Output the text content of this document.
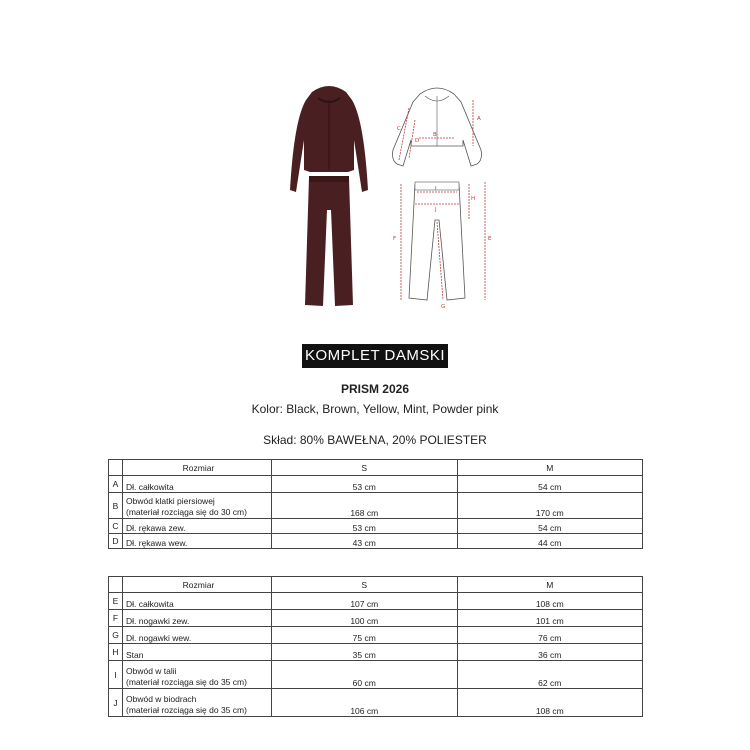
A
B
C
D
E
F
G
H
I
J
KOMPLET DAMSKI
PRISM 2026
Kolor: Black, Brown, Yellow, Mint, Powder pink
Skład: 80% BAWEŁNA, 20% POLIESTER
	Rozmiar	S	M
A	Dł. całkowita	53 cm	54 cm
B	Obwód klatki piersiowej
(materiał rozciąga się do 30 cm)	168 cm	170 cm
C	Dł. rękawa zew.	53 cm	54 cm
D	Dł. rękawa wew.	43 cm	44 cm
	Rozmiar	S	M
E	Dł. całkowita	107 cm	108 cm
F	Dł. nogawki zew.	100 cm	101 cm
G	Dł. nogawki wew.	75 cm	76 cm
H	Stan	35 cm	36 cm
I	Obwód w talii
(materiał rozciąga się do 35 cm)	60 cm	62 cm
J	Obwód w biodrach
(materiał rozciąga się do 35 cm)	106 cm	108 cm
